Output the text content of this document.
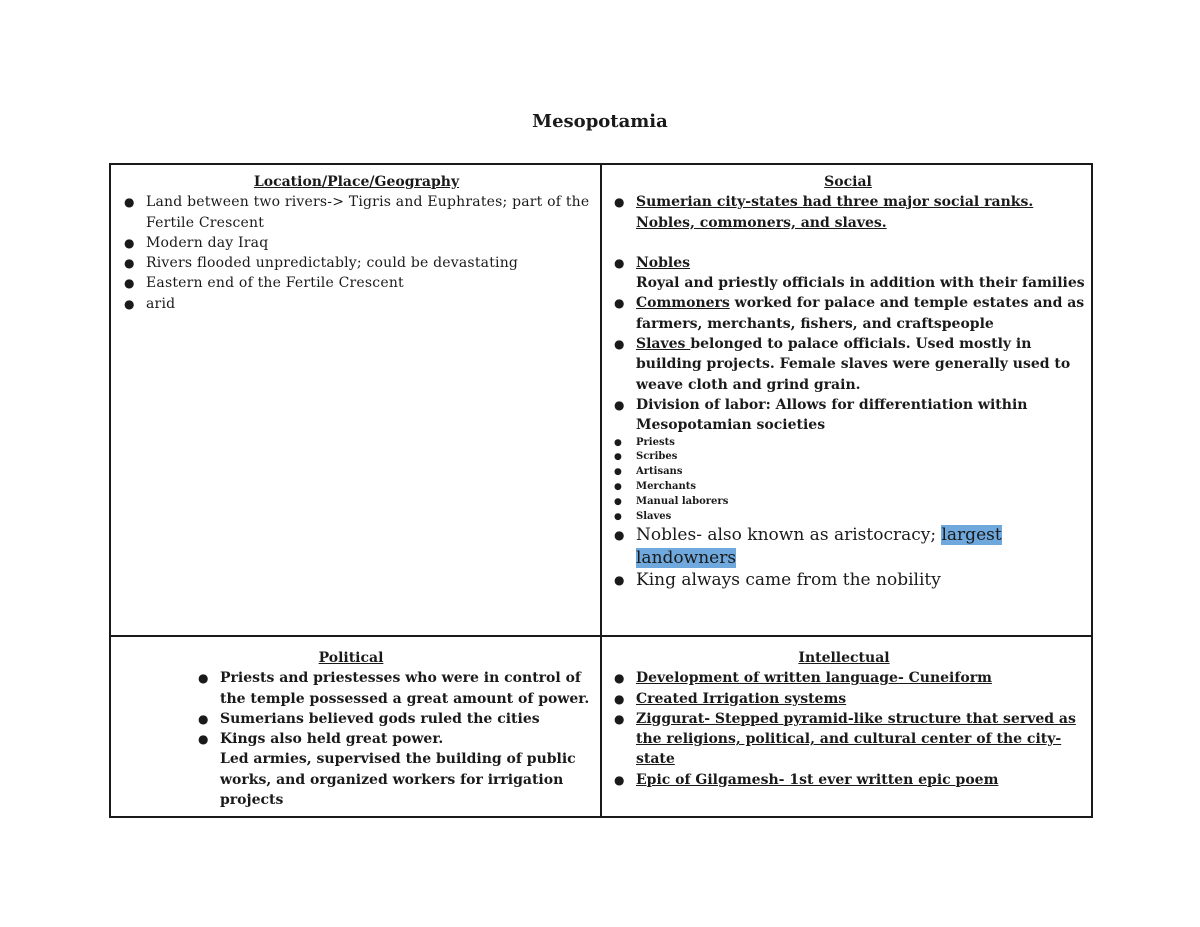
Mesopotamia
Location/Place/Geography
● Land between two rivers-> Tigris and Euphrates; part of the Fertile Crescent
● Modern day Iraq
● Rivers flooded unpredictably; could be devastating
● Eastern end of the Fertile Crescent
● arid
Social
● Sumerian city-states had three major social ranks. Nobles, commoners, and slaves.
● Nobles
Royal and priestly officials in addition with their families
● Commoners worked for palace and temple estates and as farmers, merchants, fishers, and craftspeople
● Slaves belonged to palace officials. Used mostly in building projects. Female slaves were generally used to weave cloth and grind grain.
● Division of labor: Allows for differentiation within Mesopotamian societies
● Priests
● Scribes
● Artisans
● Merchants
● Manual laborers
● Slaves
● Nobles- also known as aristocracy; largest landowners
● King always came from the nobility
Political
● Priests and priestesses who were in control of the temple possessed a great amount of power.
● Sumerians believed gods ruled the cities
● Kings also held great power.
Led armies, supervised the building of public works, and organized workers for irrigation projects
Intellectual
● Development of written language- Cuneiform
● Created Irrigation systems
● Ziggurat- Stepped pyramid-like structure that served as the religions, political, and cultural center of the city-state
● Epic of Gilgamesh- 1st ever written epic poem
